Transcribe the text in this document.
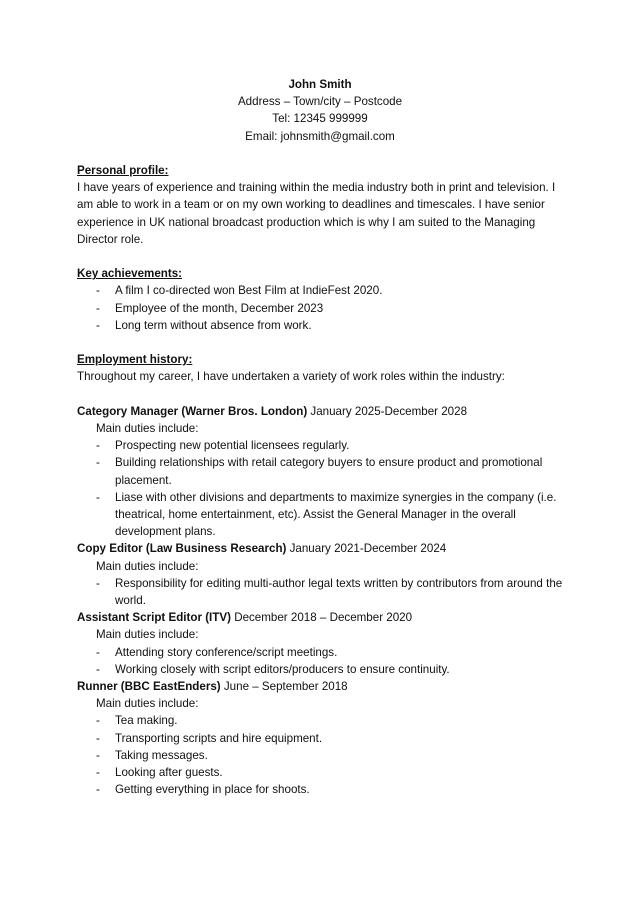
John Smith
Address – Town/city – Postcode
Tel: 12345 999999
Email: johnsmith@gmail.com
Personal profile:
I have years of experience and training within the media industry both in print and television. I am able to work in a team or on my own working to deadlines and timescales. I have senior experience in UK national broadcast production which is why I am suited to the Managing Director role.
Key achievements:
- A film I co-directed won Best Film at IndieFest 2020.
- Employee of the month, December 2023
- Long term without absence from work.
Employment history:
Throughout my career, I have undertaken a variety of work roles within the industry:
Category Manager (Warner Bros. London) January 2025-December 2028
Main duties include:
- Prospecting new potential licensees regularly.
- Building relationships with retail category buyers to ensure product and promotional placement.
- Liase with other divisions and departments to maximize synergies in the company (i.e. theatrical, home entertainment, etc). Assist the General Manager in the overall development plans.
Copy Editor (Law Business Research) January 2021-December 2024
Main duties include:
- Responsibility for editing multi-author legal texts written by contributors from around the world.
Assistant Script Editor (ITV) December 2018 – December 2020
Main duties include:
- Attending story conference/script meetings.
- Working closely with script editors/producers to ensure continuity.
Runner (BBC EastEnders) June – September 2018
Main duties include:
- Tea making.
- Transporting scripts and hire equipment.
- Taking messages.
- Looking after guests.
- Getting everything in place for shoots.
